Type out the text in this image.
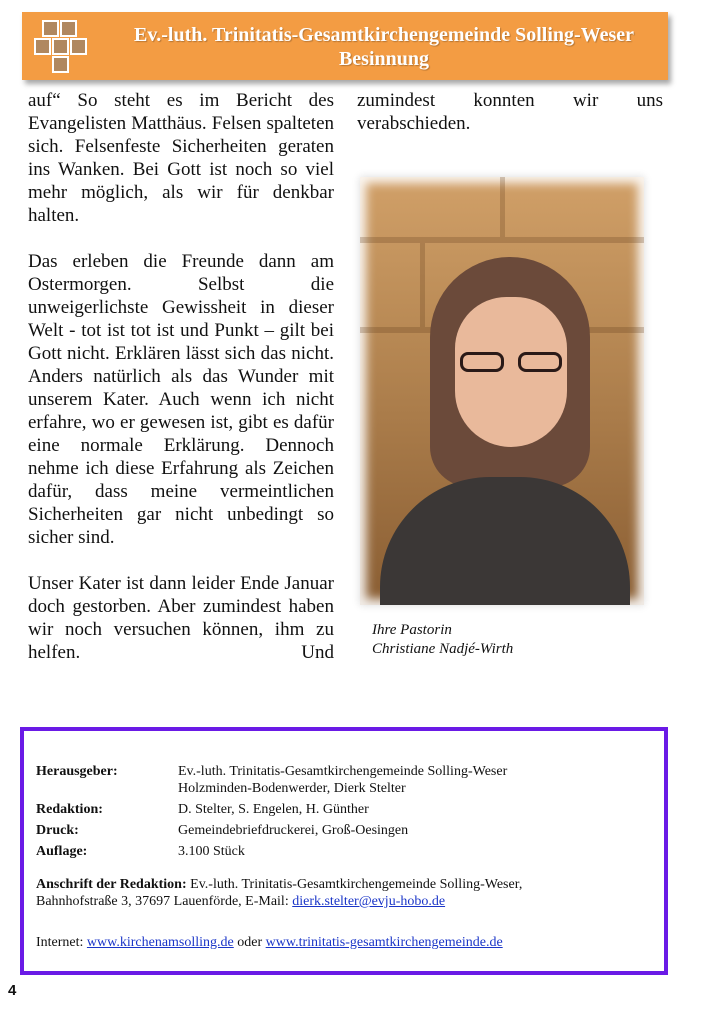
Ev.-luth. Trinitatis-Gesamtkirchengemeinde Solling-Weser
Besinnung

auf“ So steht es im Bericht des Evangelisten Matthäus. Felsen spalteten sich. Felsenfeste Sicherheiten geraten ins Wanken. Bei Gott ist noch so viel mehr möglich, als wir für denkbar halten.

Das erleben die Freunde dann am Ostermorgen. Selbst die unweigerlichste Gewissheit in dieser Welt - tot ist tot ist und Punkt – gilt bei Gott nicht. Erklären lässt sich das nicht. Anders natürlich als das Wunder mit unserem Kater. Auch wenn ich nicht erfahre, wo er gewesen ist, gibt es dafür eine normale Erklärung. Dennoch nehme ich diese Erfahrung als Zeichen dafür, dass meine vermeintlichen Sicherheiten gar nicht unbedingt so sicher sind.

Unser Kater ist dann leider Ende Januar doch gestorben. Aber zumindest haben wir noch versuchen können, ihm zu helfen. Und

zumindest konnten wir uns verabschieden.

Ihre Pastorin
Christiane Nadjé-Wirth
Herausgeber:	Ev.-luth. Trinitatis-Gesamtkirchengemeinde Solling-Weser
Holzminden-Bodenwerder, Dierk Stelter
Redaktion:	D. Stelter, S. Engelen, H. Günther
Druck:	Gemeindebriefdruckerei, Groß-Oesingen
Auflage:	3.100 Stück
Anschrift der Redaktion: Ev.-luth. Trinitatis-Gesamtkirchengemeinde Solling-Weser,
Bahnhofstraße 3, 37697 Lauenförde, E-Mail: dierk.stelter@evju-hobo.de
Internet: www.kirchenamsolling.de oder www.trinitatis-gesamtkirchengemeinde.de
4
